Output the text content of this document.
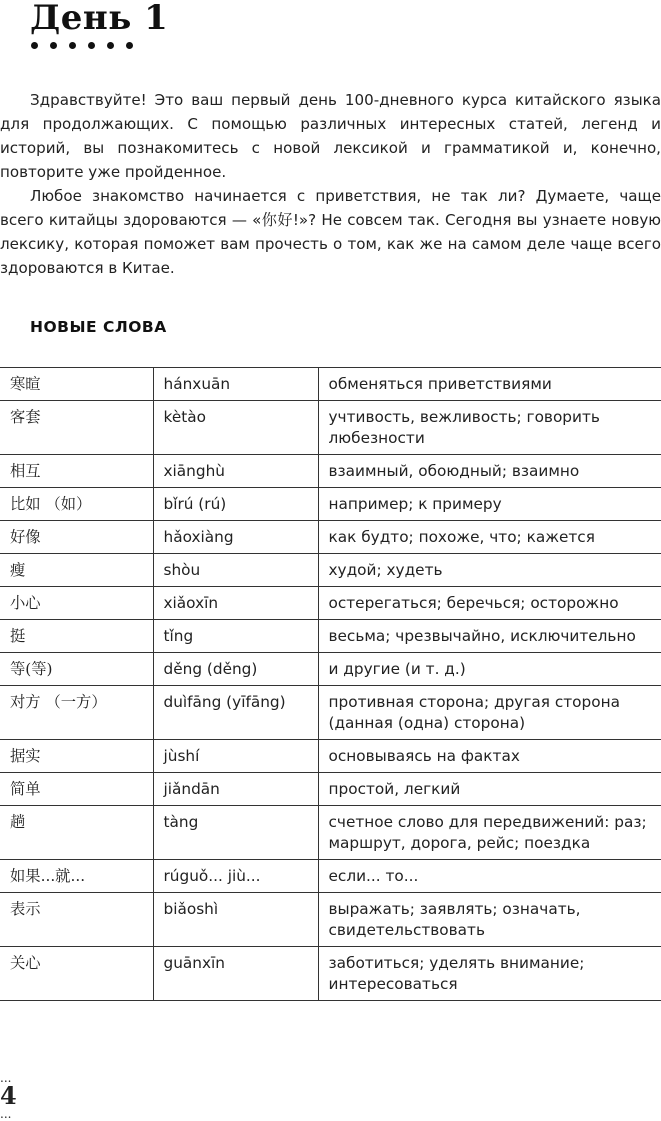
День 1

Здравствуйте! Это ваш первый день 100-дневного курса китайского языка для продолжающих. С помощью различных интересных статей, легенд и историй, вы познакомитесь с новой лексикой и грамматикой и, конечно, повторите уже пройденное.

Любое знакомство начинается с приветствия, не так ли? Думаете, чаще всего китайцы здороваются — «你好!»? Не совсем так. Сегодня вы узнаете новую лексику, которая поможет вам прочесть о том, как же на самом деле чаще всего здороваются в Китае.

НОВЫЕ СЛОВА
寒暄	hánxuān	обменяться приветствиями
客套	kètào	учтивость, вежливость; говорить любезности
相互	xiānghù	взаимный, обоюдный; взаимно
比如 （如）	bǐrú (rú)	например; к примеру
好像	hǎoxiàng	как будто; похоже, что; кажется
瘦	shòu	худой; худеть
小心	xiǎoxīn	остерегаться; беречься; осторожно
挺	tǐng	весьма; чрезвычайно, исключительно
等(等)	děng (děng)	и другие (и т. д.)
对方 （一方）	duìfāng (yīfāng)	противная сторона; другая сторона (данная (одна) сторона)
据实	jùshí	основываясь на фактах
简单	jiǎndān	простой, легкий
趟	tàng	счетное слово для передвижений: раз; маршрут, дорога, рейс; поездка
如果...就...	rúguǒ... jiù...	если... то...
表示	biǎoshì	выражать; заявлять; означать, свидетельствовать
关心	guānxīn	заботиться; уделять внимание; интересоваться
...
4
...
